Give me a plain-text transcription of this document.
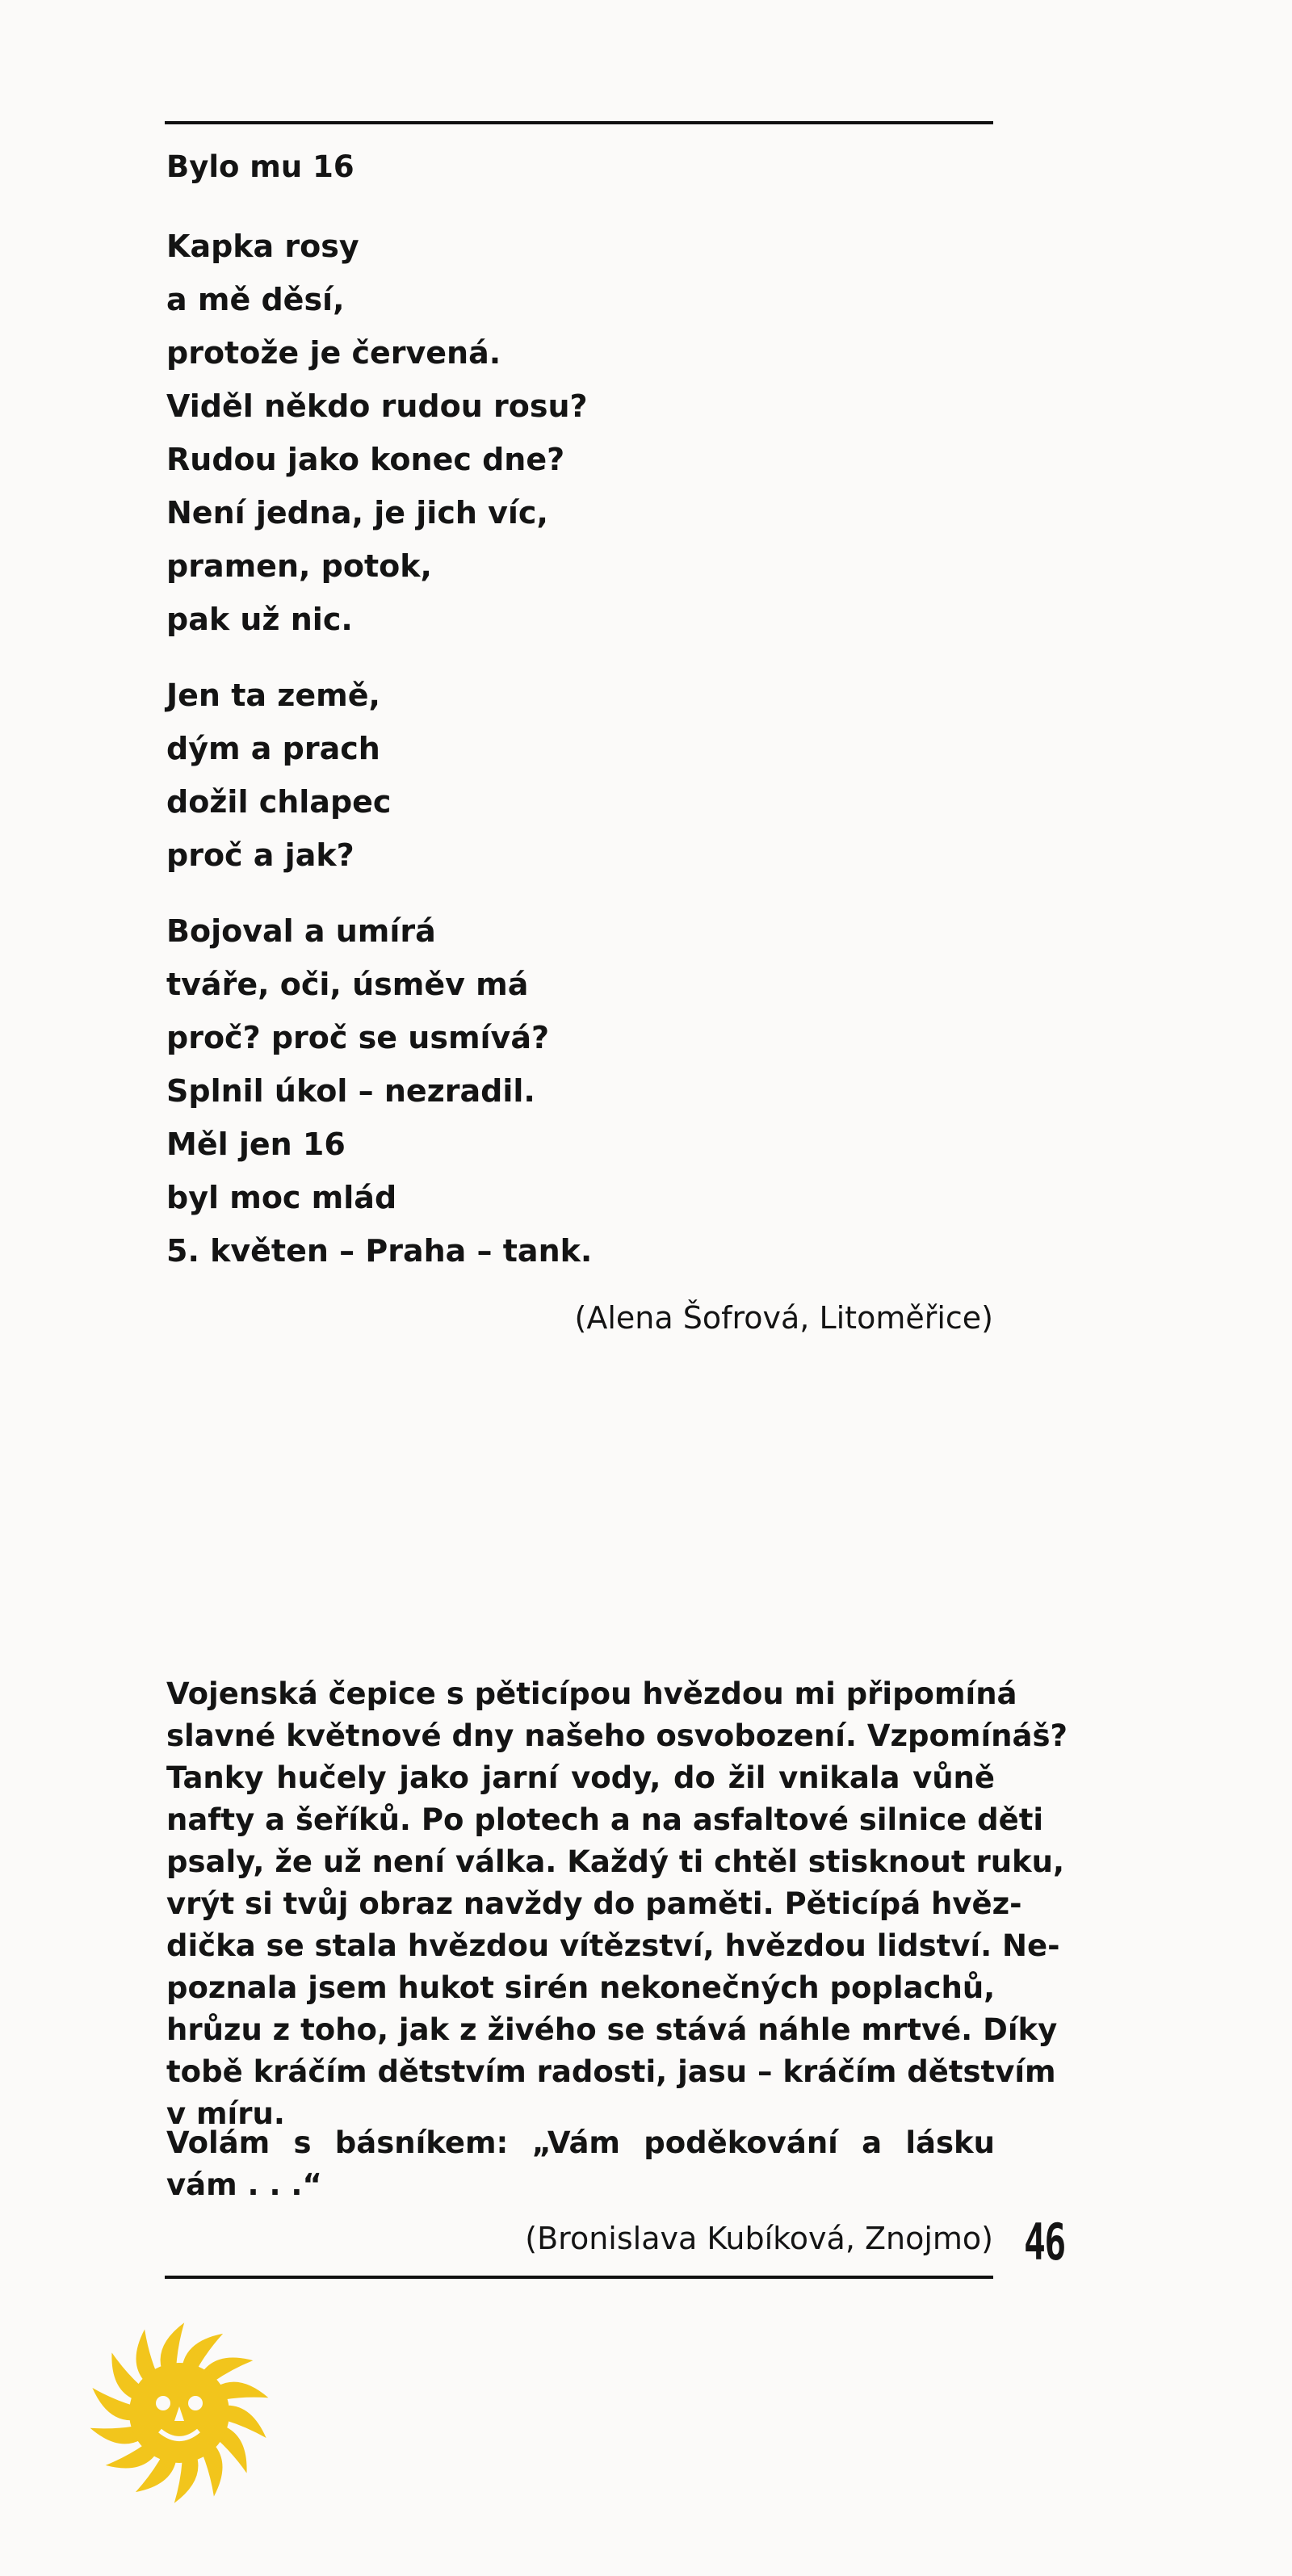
Bylo mu 16
Kapka rosy
a mě děsí,
protože je červená.
Viděl někdo rudou rosu?
Rudou jako konec dne?
Není jedna, je jich víc,
pramen, potok,
pak už nic.
Jen ta země,
dým a prach
dožil chlapec
proč a jak?
Bojoval a umírá
tváře, oči, úsměv má
proč? proč se usmívá?
Splnil úkol – nezradil.
Měl jen 16
byl moc mlád
5. květen – Praha – tank.

(Alena Šofrová, Litoměřice)

Vojenská čepice s pěticípou hvězdou mi připomíná
slavné květnové dny našeho osvobození. Vzpomínáš?
Tanky hučely jako jarní vody, do žil vnikala vůně
nafty a šeříků. Po plotech a na asfaltové silnice děti
psaly, že už není válka. Každý ti chtěl stisknout ruku,
vrýt si tvůj obraz navždy do paměti. Pěticípá hvěz-
dička se stala hvězdou vítězství, hvězdou lidství. Ne-
poznala jsem hukot sirén nekonečných poplachů,
hrůzu z toho, jak z živého se stává náhle mrtvé. Díky
tobě kráčím dětstvím radosti, jasu – kráčím dětstvím
v míru.
Volám s básníkem: „Vám poděkování a lásku
vám . . .“

(Bronislava Kubíková, Znojmo) 46
